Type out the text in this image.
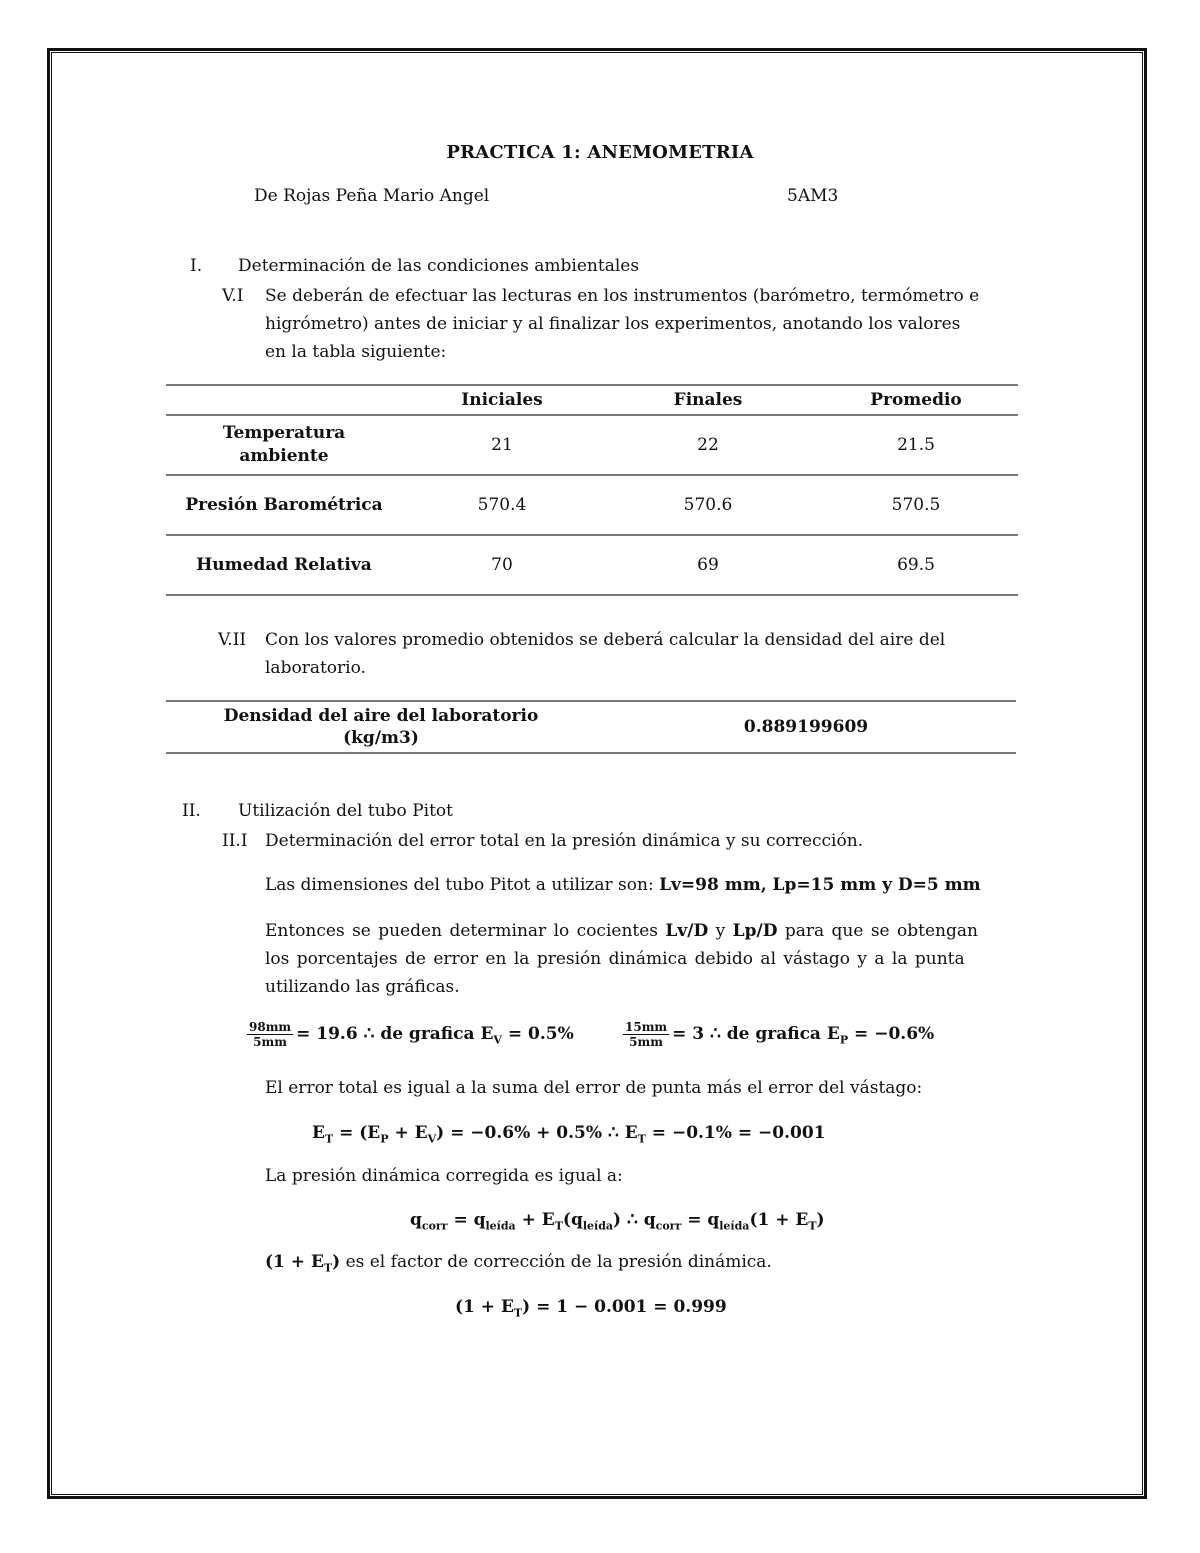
PRACTICA 1: ANEMOMETRIA
De Rojas Peña Mario Angel	5AM3
I. Determinación de las condiciones ambientales
V.I Se deberán de efectuar las lecturas en los instrumentos (barómetro, termómetro e
higrómetro) antes de iniciar y al finalizar los experimentos, anotando los valores
en la tabla siguiente:
	Iniciales	Finales	Promedio

Temperatura
ambiente	21	22	21.5
Presión Barométrica	570.4	570.6	570.5
Humedad Relativa	70	69	69.5
V.II Con los valores promedio obtenidos se deberá calcular la densidad del aire del
laboratorio.
Densidad del aire del laboratorio
(kg/m3)
	0.889199609
II. Utilización del tubo Pitot
II.I Determinación del error total en la presión dinámica y su corrección.
Las dimensiones del tubo Pitot a utilizar son: Lv=98 mm, Lp=15 mm y D=5 mm
Entonces se pueden determinar lo cocientes Lv/D y Lp/D para que se obtengan
los porcentajes de error en la presión dinámica debido al vástago y a la punta
utilizando las gráficas.
$\frac{98mm}{5mm} = 19.6$ ∴ de grafica $E_V = 0.5\%$	$\frac{15mm}{5mm} = 3$ ∴ de grafica $E_P = -0.6\%$
El error total es igual a la suma del error de punta más el error del vástago:
$E_T = (E_P + E_V) = -0.6\% + 0.5\%$ ∴ $E_T = -0.1\% = -0.001$
La presión dinámica corregida es igual a:
$q_{corr} = q_{leída} + E_T(q_{leída})$ ∴ $q_{corr} = q_{leída}(1 + E_T)$
$(1 + E_T)$ es el factor de corrección de la presión dinámica.
$(1 + E_T) = 1 - 0.001 = 0.999$
